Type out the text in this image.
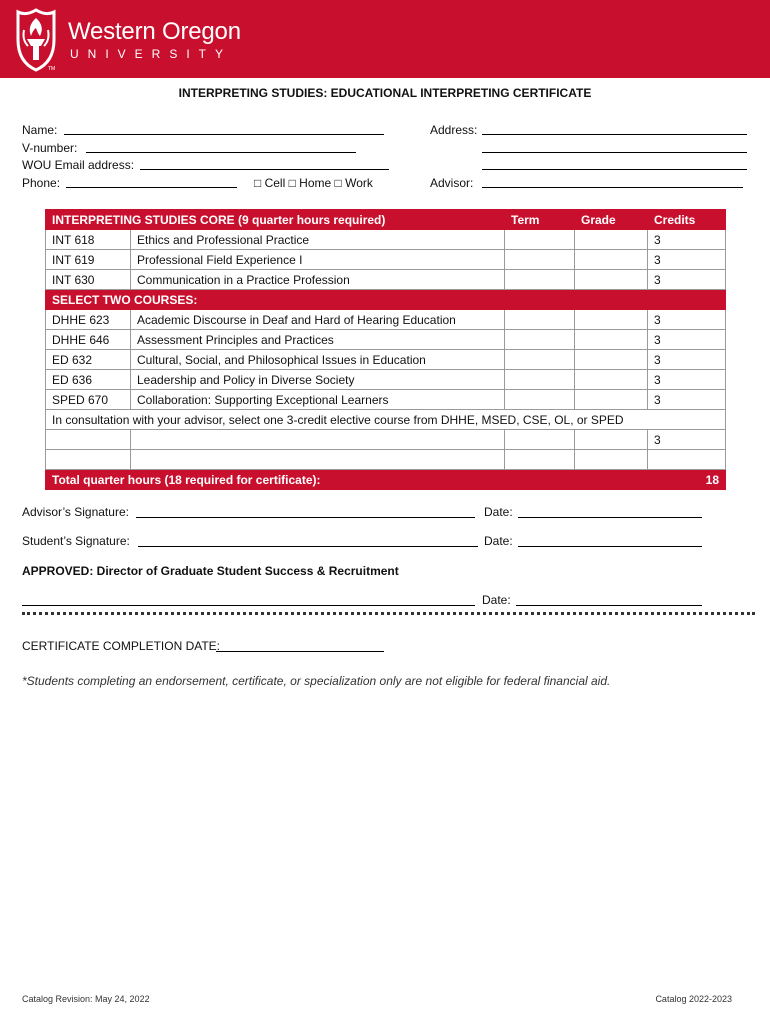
Western Oregon
UNIVERSITY
TM
INTERPRETING STUDIES: EDUCATIONAL INTERPRETING CERTIFICATE
Name:
V-number:
WOU Email address:
Phone:	□ Cell □ Home □ Work
Address:
Advisor:
INTERPRETING STUDIES CORE (9 quarter hours required)		Term	Grade	Credits
INT 618	Ethics and Professional Practice			3
INT 619	Professional Field Experience I			3
INT 630	Communication in a Practice Profession			3
SELECT TWO COURSES:				
DHHE 623	Academic Discourse in Deaf and Hard of Hearing Education			3
DHHE 646	Assessment Principles and Practices			3
ED 632	Cultural, Social, and Philosophical Issues in Education			3
ED 636	Leadership and Policy in Diverse Society			3
SPED 670	Collaboration: Supporting Exceptional Learners			3
In consultation with your advisor, select one 3-credit elective course from DHHE, MSED, CSE, OL, or SPED				
				3

Total quarter hours (18 required for certificate):				18
Advisor’s Signature:	Date:
Student’s Signature:	Date:
APPROVED: Director of Graduate Student Success & Recruitment
Date:
CERTIFICATE COMPLETION DATE:
*Students completing an endorsement, certificate, or specialization only are not eligible for federal financial aid.
Catalog Revision: May 24, 2022	Catalog 2022-2023
